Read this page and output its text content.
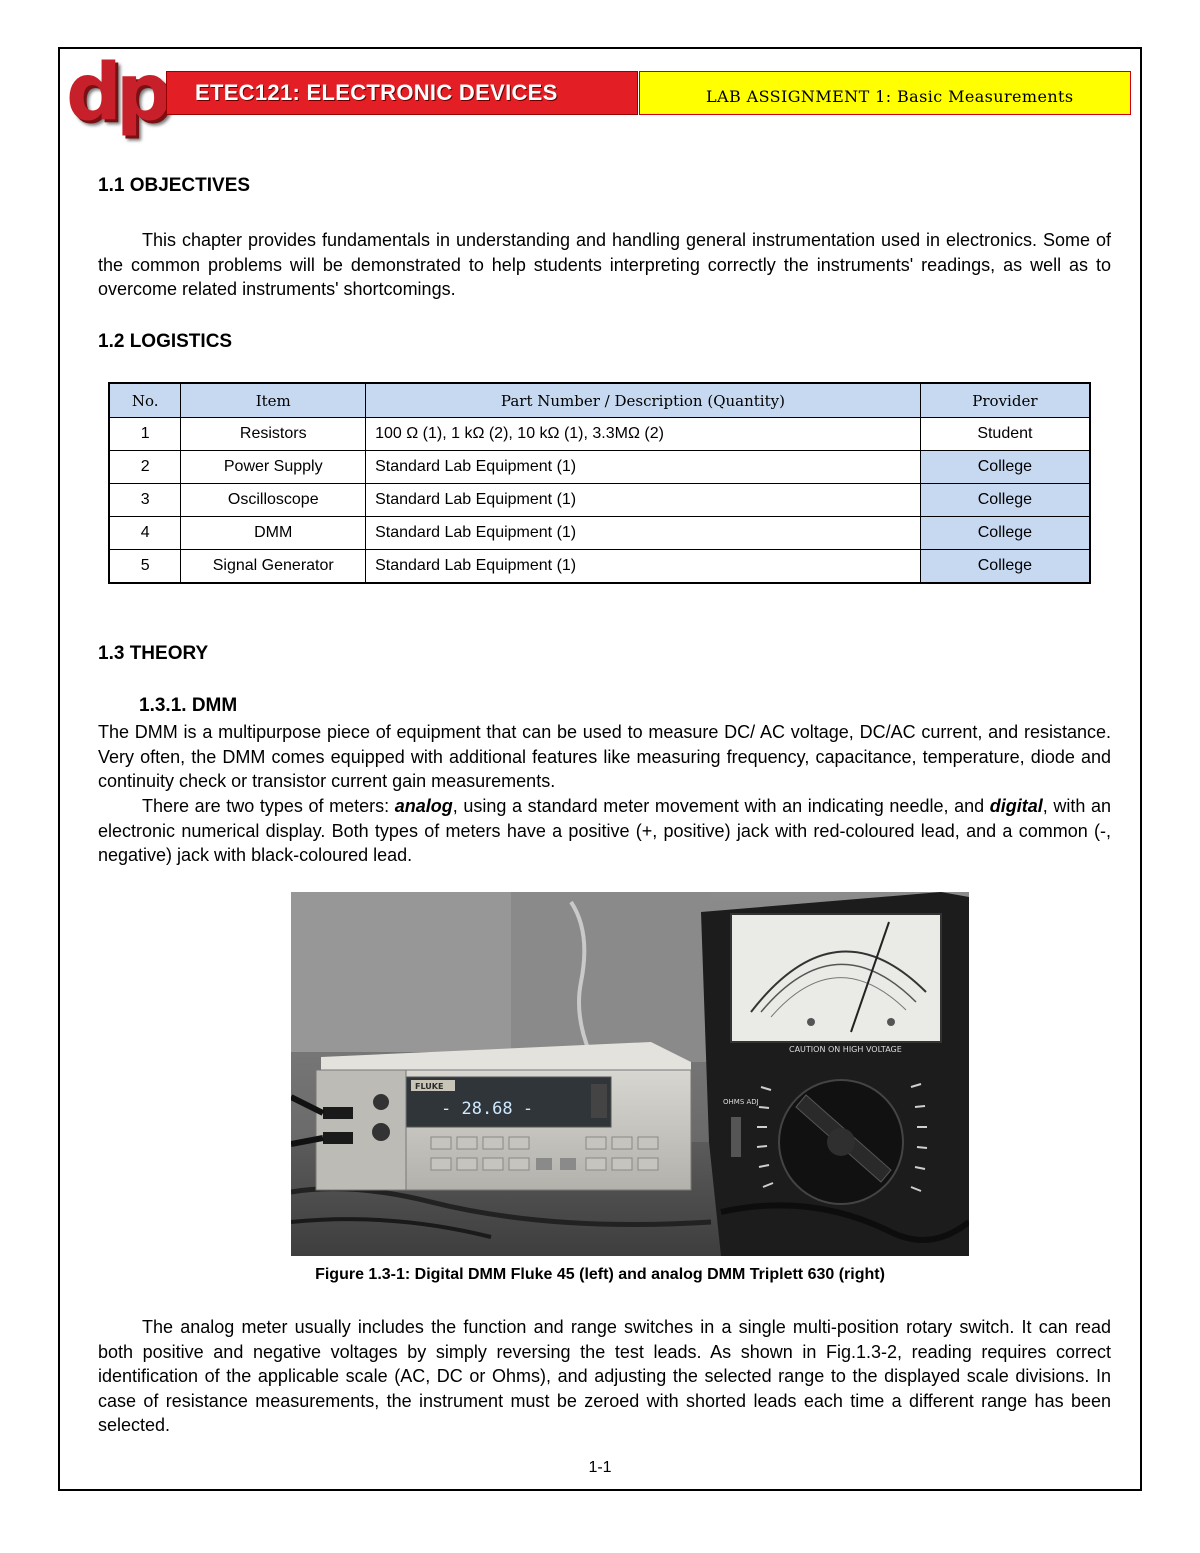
dp	ETEC121: ELECTRONIC DEVICES	LAB ASSIGNMENT 1: Basic Measurements
1.1 OBJECTIVES
This chapter provides fundamentals in understanding and handling general instrumentation used in electronics. Some of the common problems will be demonstrated to help students interpreting correctly the instruments' readings, as well as to overcome related instruments' shortcomings.
1.2 LOGISTICS
No.	Item	Part Number / Description (Quantity)	Provider
1	Resistors	100 Ω (1), 1 kΩ (2), 10 kΩ (1), 3.3MΩ (2)	Student
2	Power Supply	Standard Lab Equipment (1)	College
3	Oscilloscope	Standard Lab Equipment (1)	College
4	DMM	Standard Lab Equipment (1)	College
5	Signal Generator	Standard Lab Equipment (1)	College
1.3 THEORY
1.3.1. DMM
The DMM is a multipurpose piece of equipment that can be used to measure DC/ AC voltage, DC/AC current, and resistance. Very often, the DMM comes equipped with additional features like measuring frequency, capacitance, temperature, diode and continuity check or transistor current gain measurements.
There are two types of meters: analog, using a standard meter movement with an indicating needle, and digital, with an electronic numerical display. Both types of meters have a positive (+, positive) jack with red-coloured lead, and a common (-, negative) jack with black-coloured lead.
FLUKE
- 28.68 -
CAUTION ON HIGH VOLTAGE
OHMS ADJ
Figure 1.3-1: Digital DMM Fluke 45 (left) and analog DMM Triplett 630 (right)
The analog meter usually includes the function and range switches in a single multi-position rotary switch. It can read both positive and negative voltages by simply reversing the test leads. As shown in Fig.1.3-2, reading requires correct identification of the applicable scale (AC, DC or Ohms), and adjusting the selected range to the displayed scale divisions. In case of resistance measurements, the instrument must be zeroed with shorted leads each time a different range has been selected.
1-1
